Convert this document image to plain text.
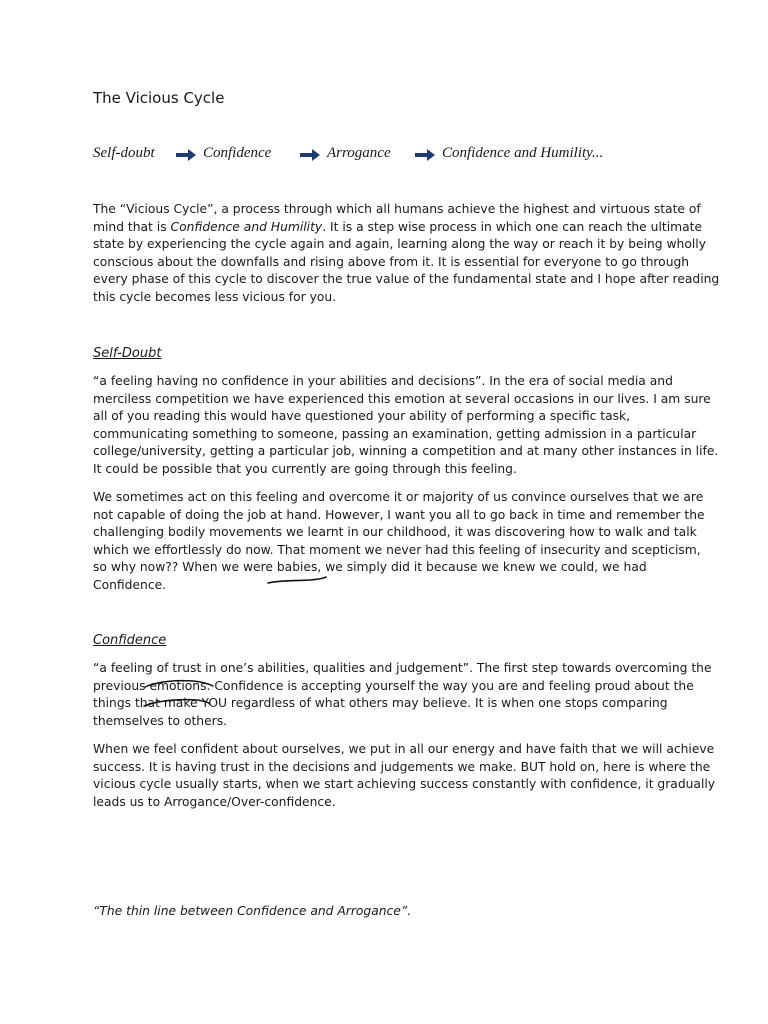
The Vicious Cycle
Self-doubt	Confidence	Arrogance	Confidence and Humility...
The “Vicious Cycle”, a process through which all humans achieve the highest and virtuous state of
mind that is Confidence and Humility. It is a step wise process in which one can reach the ultimate
state by experiencing the cycle again and again, learning along the way or reach it by being wholly
conscious about the downfalls and rising above from it. It is essential for everyone to go through
every phase of this cycle to discover the true value of the fundamental state and I hope after reading
this cycle becomes less vicious for you.
Self-Doubt
“a feeling having no confidence in your abilities and decisions”. In the era of social media and
merciless competition we have experienced this emotion at several occasions in our lives. I am sure
all of you reading this would have questioned your ability of performing a specific task,
communicating something to someone, passing an examination, getting admission in a particular
college/university, getting a particular job, winning a competition and at many other instances in life.
It could be possible that you currently are going through this feeling.
We sometimes act on this feeling and overcome it or majority of us convince ourselves that we are
not capable of doing the job at hand. However, I want you all to go back in time and remember the
challenging bodily movements we learnt in our childhood, it was discovering how to walk and talk
which we effortlessly do now. That moment we never had this feeling of insecurity and scepticism,
so why now?? When we were babies, we simply did it because we knew we could, we had
Confidence.
Confidence
“a feeling of trust in one’s abilities, qualities and judgement”. The first step towards overcoming the
previous emotions. Confidence is accepting yourself the way you are and feeling proud about the
things that make YOU regardless of what others may believe. It is when one stops comparing
themselves to others.
When we feel confident about ourselves, we put in all our energy and have faith that we will achieve
success. It is having trust in the decisions and judgements we make. BUT hold on, here is where the
vicious cycle usually starts, when we start achieving success constantly with confidence, it gradually
leads us to Arrogance/Over-confidence.
“The thin line between Confidence and Arrogance”.
